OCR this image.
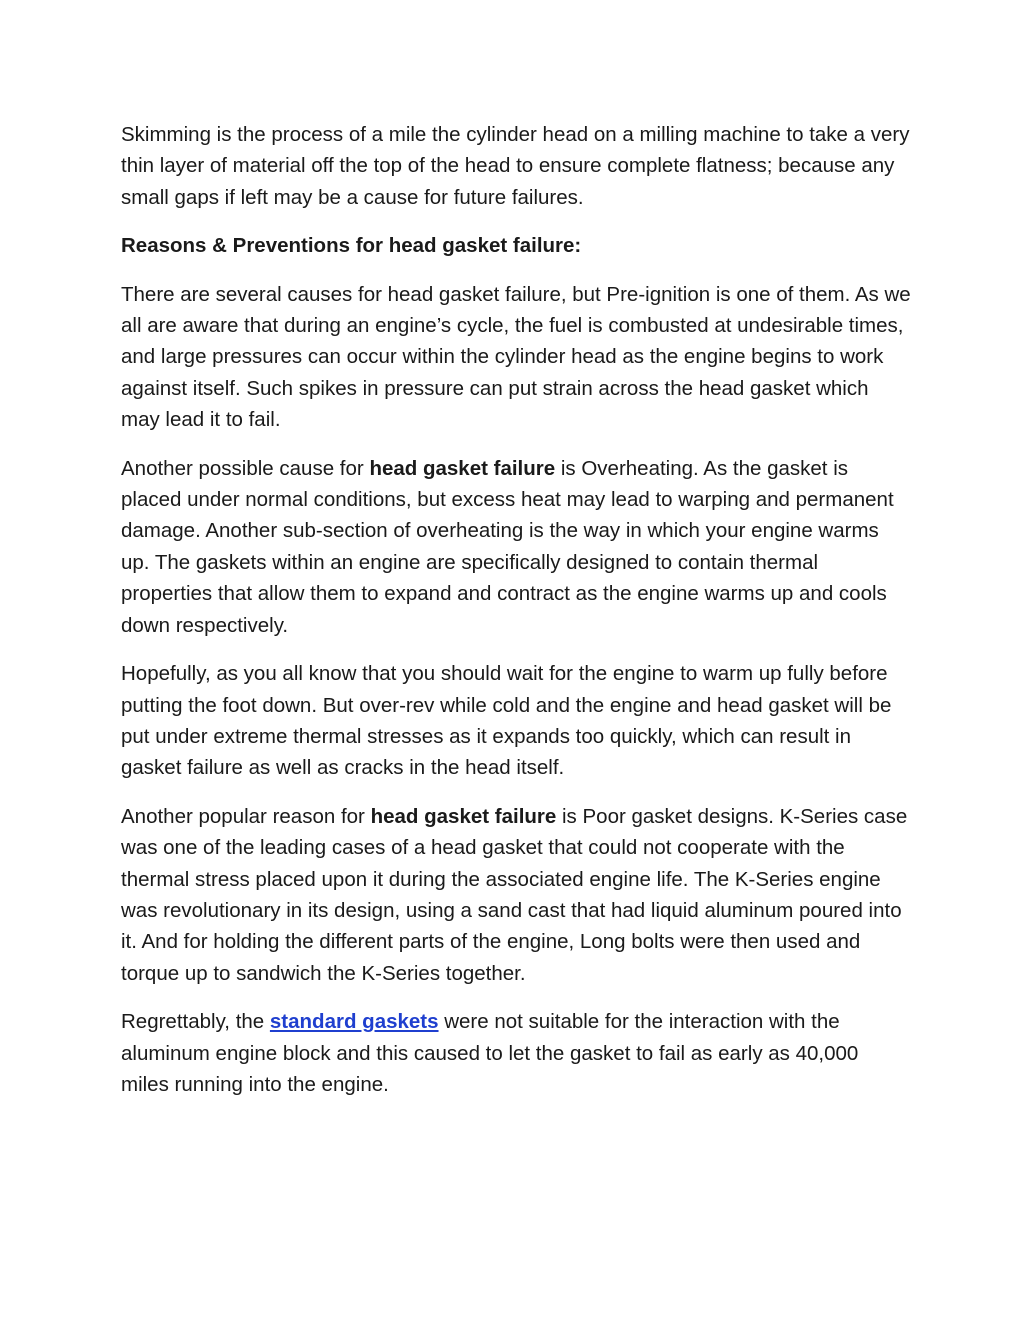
Skimming is the process of a mile the cylinder head on a milling machine to take a very thin layer of material off the top of the head to ensure complete flatness; because any small gaps if left may be a cause for future failures.

Reasons & Preventions for head gasket failure:

There are several causes for head gasket failure, but Pre-ignition is one of them. As we all are aware that during an engine’s cycle, the fuel is combusted at undesirable times, and large pressures can occur within the cylinder head as the engine begins to work against itself. Such spikes in pressure can put strain across the head gasket which may lead it to fail.

Another possible cause for head gasket failure is Overheating. As the gasket is placed under normal conditions, but excess heat may lead to warping and permanent damage. Another sub-section of overheating is the way in which your engine warms up. The gaskets within an engine are specifically designed to contain thermal properties that allow them to expand and contract as the engine warms up and cools down respectively.

Hopefully, as you all know that you should wait for the engine to warm up fully before putting the foot down. But over-rev while cold and the engine and head gasket will be put under extreme thermal stresses as it expands too quickly, which can result in gasket failure as well as cracks in the head itself.

Another popular reason for head gasket failure is Poor gasket designs. K-Series case was one of the leading cases of a head gasket that could not cooperate with the thermal stress placed upon it during the associated engine life. The K-Series engine was revolutionary in its design, using a sand cast that had liquid aluminum poured into it. And for holding the different parts of the engine, Long bolts were then used and torque up to sandwich the K-Series together.

Regrettably, the standard gaskets were not suitable for the interaction with the aluminum engine block and this caused to let the gasket to fail as early as 40,000 miles running into the engine.
